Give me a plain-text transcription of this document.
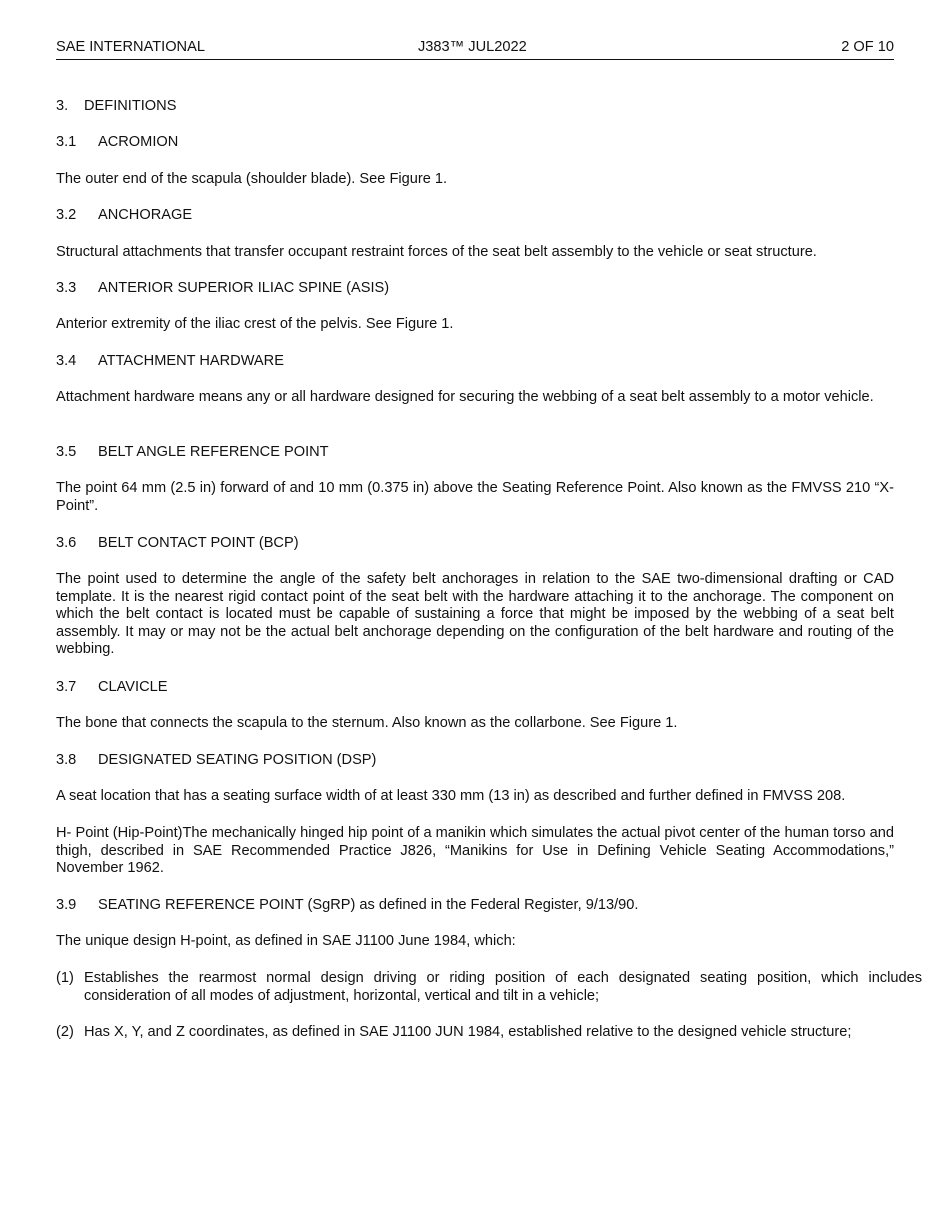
SAE INTERNATIONAL	J383™ JUL2022	2 OF 10
3. DEFINITIONS
3.1 ACROMION
The outer end of the scapula (shoulder blade). See Figure 1.
3.2 ANCHORAGE
Structural attachments that transfer occupant restraint forces of the seat belt assembly to the vehicle or seat structure.
3.3 ANTERIOR SUPERIOR ILIAC SPINE (ASIS)
Anterior extremity of the iliac crest of the pelvis. See Figure 1.
3.4 ATTACHMENT HARDWARE
Attachment hardware means any or all hardware designed for securing the webbing of a seat belt assembly to a motor vehicle.
3.5 BELT ANGLE REFERENCE POINT
The point 64 mm (2.5 in) forward of and 10 mm (0.375 in) above the Seating Reference Point. Also known as the FMVSS 210 “X-Point”.
3.6 BELT CONTACT POINT (BCP)
The point used to determine the angle of the safety belt anchorages in relation to the SAE two-dimensional drafting or CAD template. It is the nearest rigid contact point of the seat belt with the hardware attaching it to the anchorage. The component on which the belt contact is located must be capable of sustaining a force that might be imposed by the webbing of a seat belt assembly. It may or may not be the actual belt anchorage depending on the configuration of the belt hardware and routing of the webbing.
3.7 CLAVICLE
The bone that connects the scapula to the sternum. Also known as the collarbone. See Figure 1.
3.8 DESIGNATED SEATING POSITION (DSP)
A seat location that has a seating surface width of at least 330 mm (13 in) as described and further defined in FMVSS 208.
H- Point (Hip-Point)The mechanically hinged hip point of a manikin which simulates the actual pivot center of the human torso and thigh, described in SAE Recommended Practice J826, “Manikins for Use in Defining Vehicle Seating Accommodations,” November 1962.
3.9 SEATING REFERENCE POINT (SgRP) as defined in the Federal Register, 9/13/90.
The unique design H-point, as defined in SAE J1100 June 1984, which:
(1) Establishes the rearmost normal design driving or riding position of each designated seating position, which includes consideration of all modes of adjustment, horizontal, vertical and tilt in a vehicle;
(2) Has X, Y, and Z coordinates, as defined in SAE J1100 JUN 1984, established relative to the designed vehicle structure;
